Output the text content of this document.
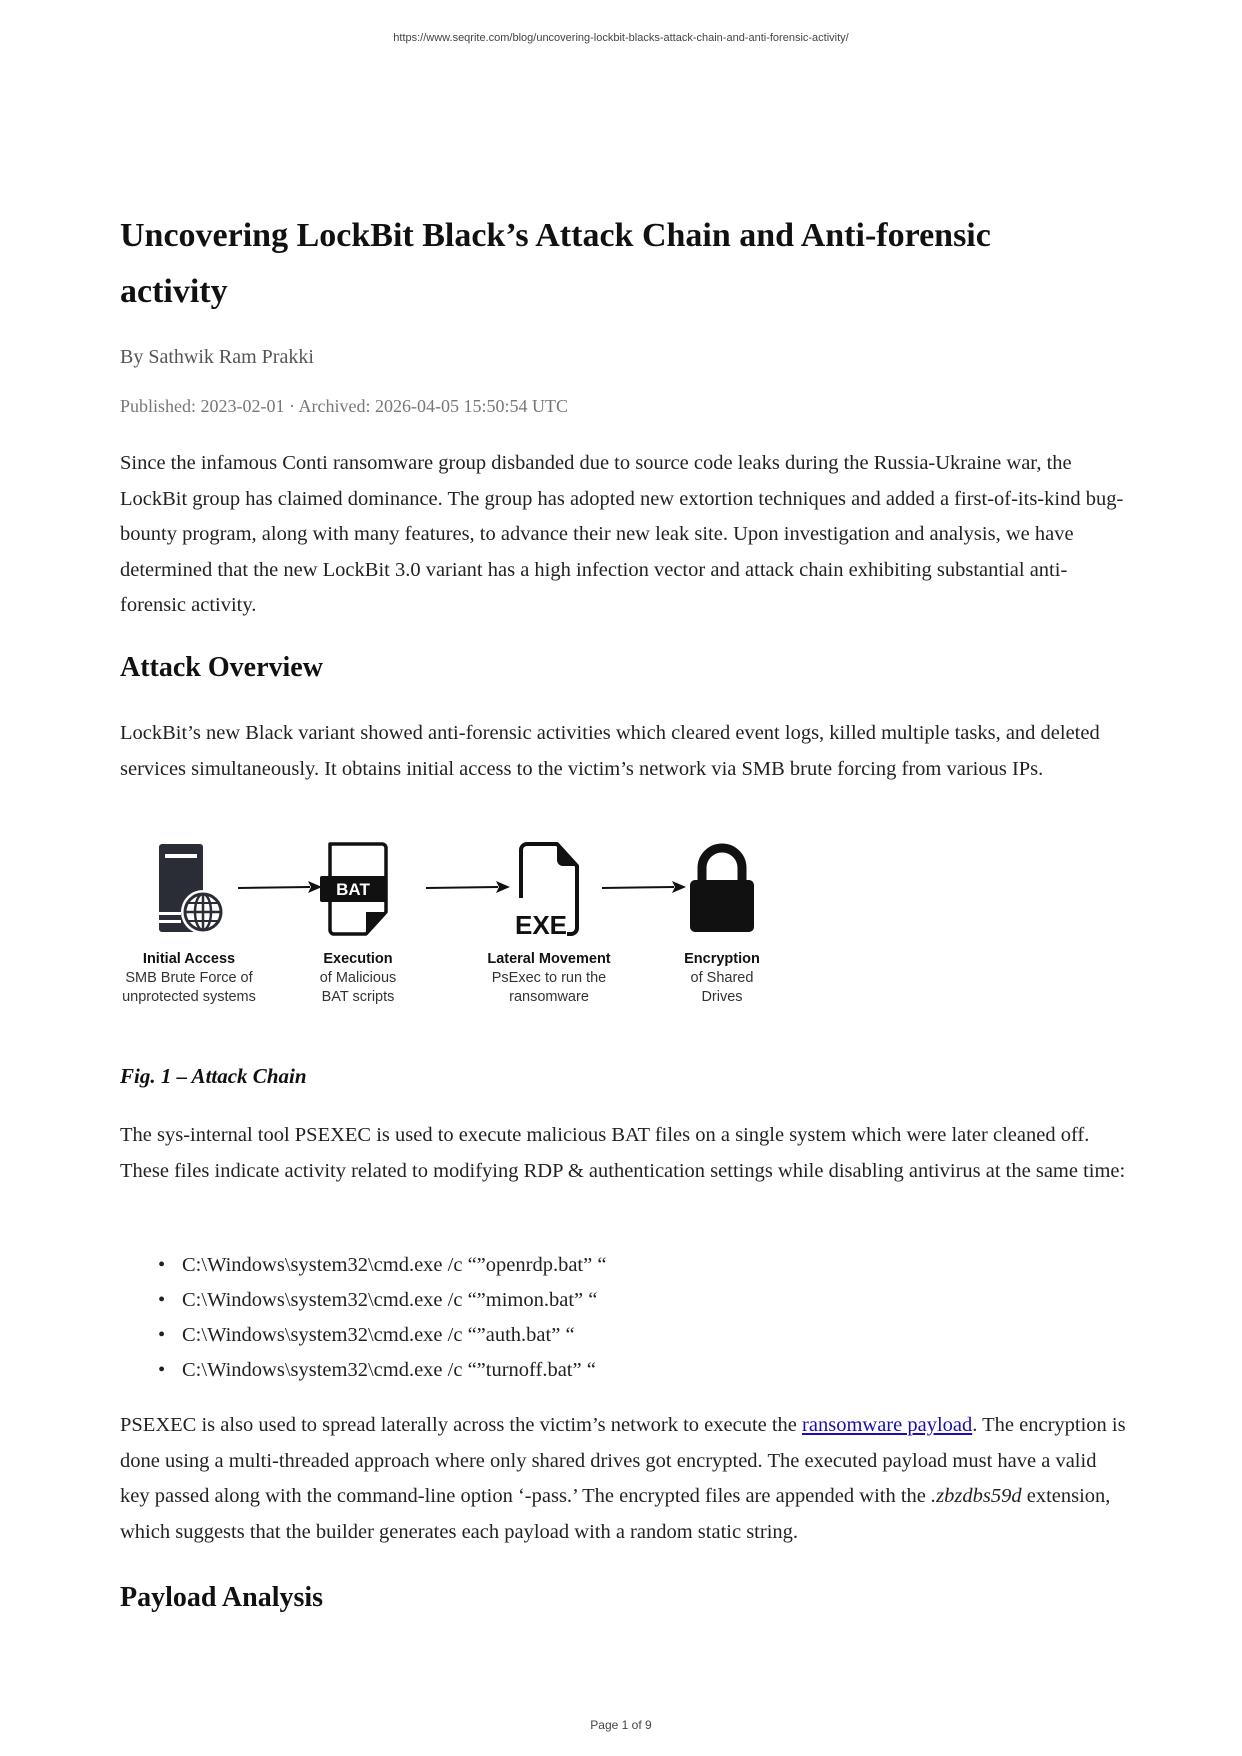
https://www.seqrite.com/blog/uncovering-lockbit-blacks-attack-chain-and-anti-forensic-activity/
Uncovering LockBit Black’s Attack Chain and Anti-forensic activity

By Sathwik Ram Prakki

Published: 2023-02-01 · Archived: 2026-04-05 15:50:54 UTC

Since the infamous Conti ransomware group disbanded due to source code leaks during the Russia-Ukraine war, the LockBit group has claimed dominance. The group has adopted new extortion techniques and added a first-of-its-kind bug-bounty program, along with many features, to advance their new leak site. Upon investigation and analysis, we have determined that the new LockBit 3.0 variant has a high infection vector and attack chain exhibiting substantial anti-forensic activity.

Attack Overview

LockBit’s new Black variant showed anti-forensic activities which cleared event logs, killed multiple tasks, and deleted services simultaneously. It obtains initial access to the victim’s network via SMB brute forcing from various IPs.

Initial Access
SMB Brute Force of
unprotected systems
BAT
Execution
of Malicious
BAT scripts
EXE
Lateral Movement
PsExec to run the
ransomware
Encryption
of Shared
Drives

Fig. 1 – Attack Chain

The sys-internal tool PSEXEC is used to execute malicious BAT files on a single system which were later cleaned off. These files indicate activity related to modifying RDP & authentication settings while disabling antivirus at the same time:

• C:\Windows\system32\cmd.exe /c “”openrdp.bat” “
• C:\Windows\system32\cmd.exe /c “”mimon.bat” “
• C:\Windows\system32\cmd.exe /c “”auth.bat” “
• C:\Windows\system32\cmd.exe /c “”turnoff.bat” “

PSEXEC is also used to spread laterally across the victim’s network to execute the ransomware payload. The encryption is done using a multi-threaded approach where only shared drives got encrypted. The executed payload must have a valid key passed along with the command-line option ‘-pass.’ The encrypted files are appended with the .zbzdbs59d extension, which suggests that the builder generates each payload with a random static string.

Payload Analysis
Page 1 of 9
